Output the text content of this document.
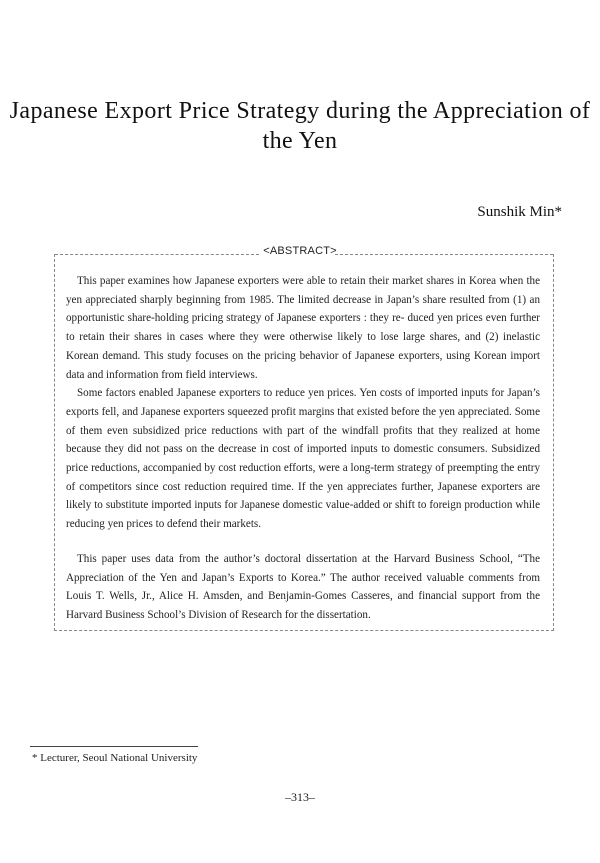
Japanese Export Price Strategy during the Appreciation of the Yen
Sunshik Min*
<ABSTRACT>

This paper examines how Japanese exporters were able to retain their market shares in Korea when the yen appreciated sharply beginning from 1985. The limited decrease in Japan’s share resulted from (1) an opportunistic share-holding pricing strategy of Japanese exporters : they re- duced yen prices even further to retain their shares in cases where they were otherwise likely to lose large shares, and (2) inelastic Korean demand. This study focuses on the pricing behavior of Japanese exporters, using Korean import data and information from field interviews.

Some factors enabled Japanese exporters to reduce yen prices. Yen costs of imported inputs for Japan’s exports fell, and Japanese exporters squeezed profit margins that existed before the yen appreciated. Some of them even subsidized price reductions with part of the windfall profits that they realized at home because they did not pass on the decrease in cost of imported inputs to domestic consumers. Subsidized price reductions, accompanied by cost reduction efforts, were a long-term strategy of preempting the entry of competitors since cost reduction required time. If the yen appreciates further, Japanese exporters are likely to substitute imported inputs for Japanese domestic value-added or shift to foreign production while reducing yen prices to defend their markets.

This paper uses data from the author’s doctoral dissertation at the Harvard Business School, “The Appreciation of the Yen and Japan’s Exports to Korea.” The author received valuable comments from Louis T. Wells, Jr., Alice H. Amsden, and Benjamin-Gomes Casseres, and financial support from the Harvard Business School’s Division of Research for the dissertation.

* Lecturer, Seoul National University
–313–
